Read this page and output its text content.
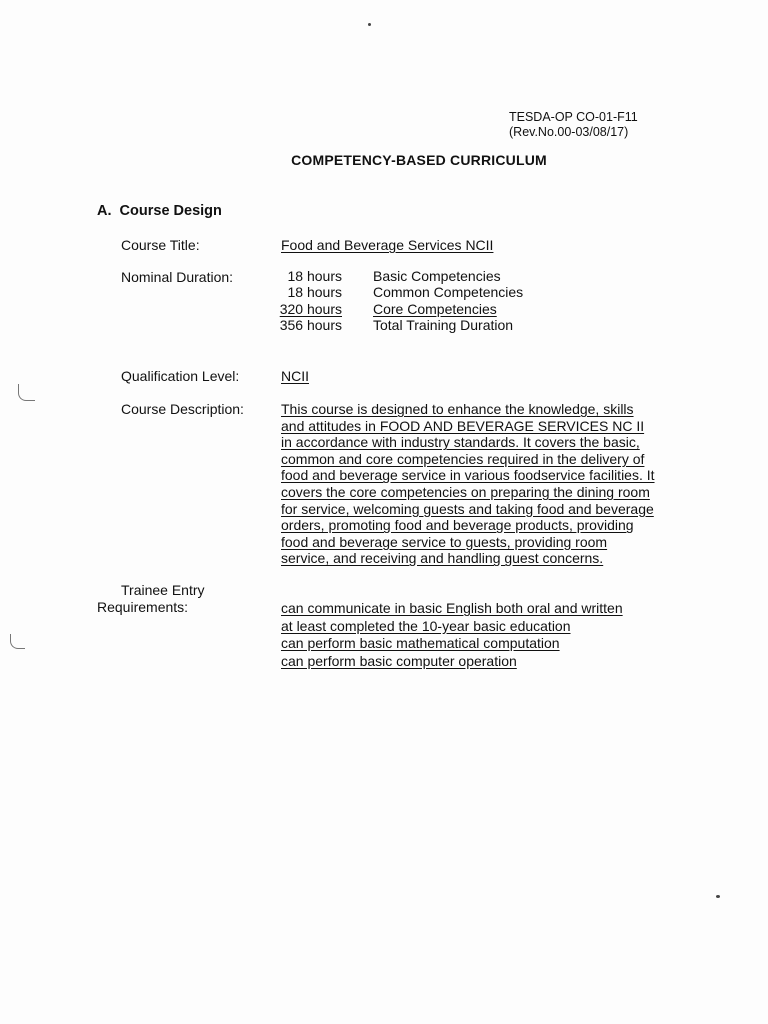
TESDA-OP CO-01-F11
(Rev.No.00-03/08/17)
COMPETENCY-BASED CURRICULUM
A.  Course Design
Course Title:	Food and Beverage Services NCII
Nominal Duration:	18 hours	Basic Competencies
18 hours	Common Competencies
320 hours	Core Competencies
356 hours	Total Training Duration
Qualification Level:	NCII
Course Description:	This course is designed to enhance the knowledge, skills
and attitudes in FOOD AND BEVERAGE SERVICES NC II
in accordance with industry standards. It covers the basic,
common and core competencies required in the delivery of
food and beverage service in various foodservice facilities. It
covers the core competencies on preparing the dining room
for service, welcoming guests and taking food and beverage
orders, promoting food and beverage products, providing
food and beverage service to guests, providing room
service, and receiving and handling guest concerns.
Trainee Entry
Requirements:	can communicate in basic English both oral and written
at least completed the 10-year basic education
can perform basic mathematical computation
can perform basic computer operation
